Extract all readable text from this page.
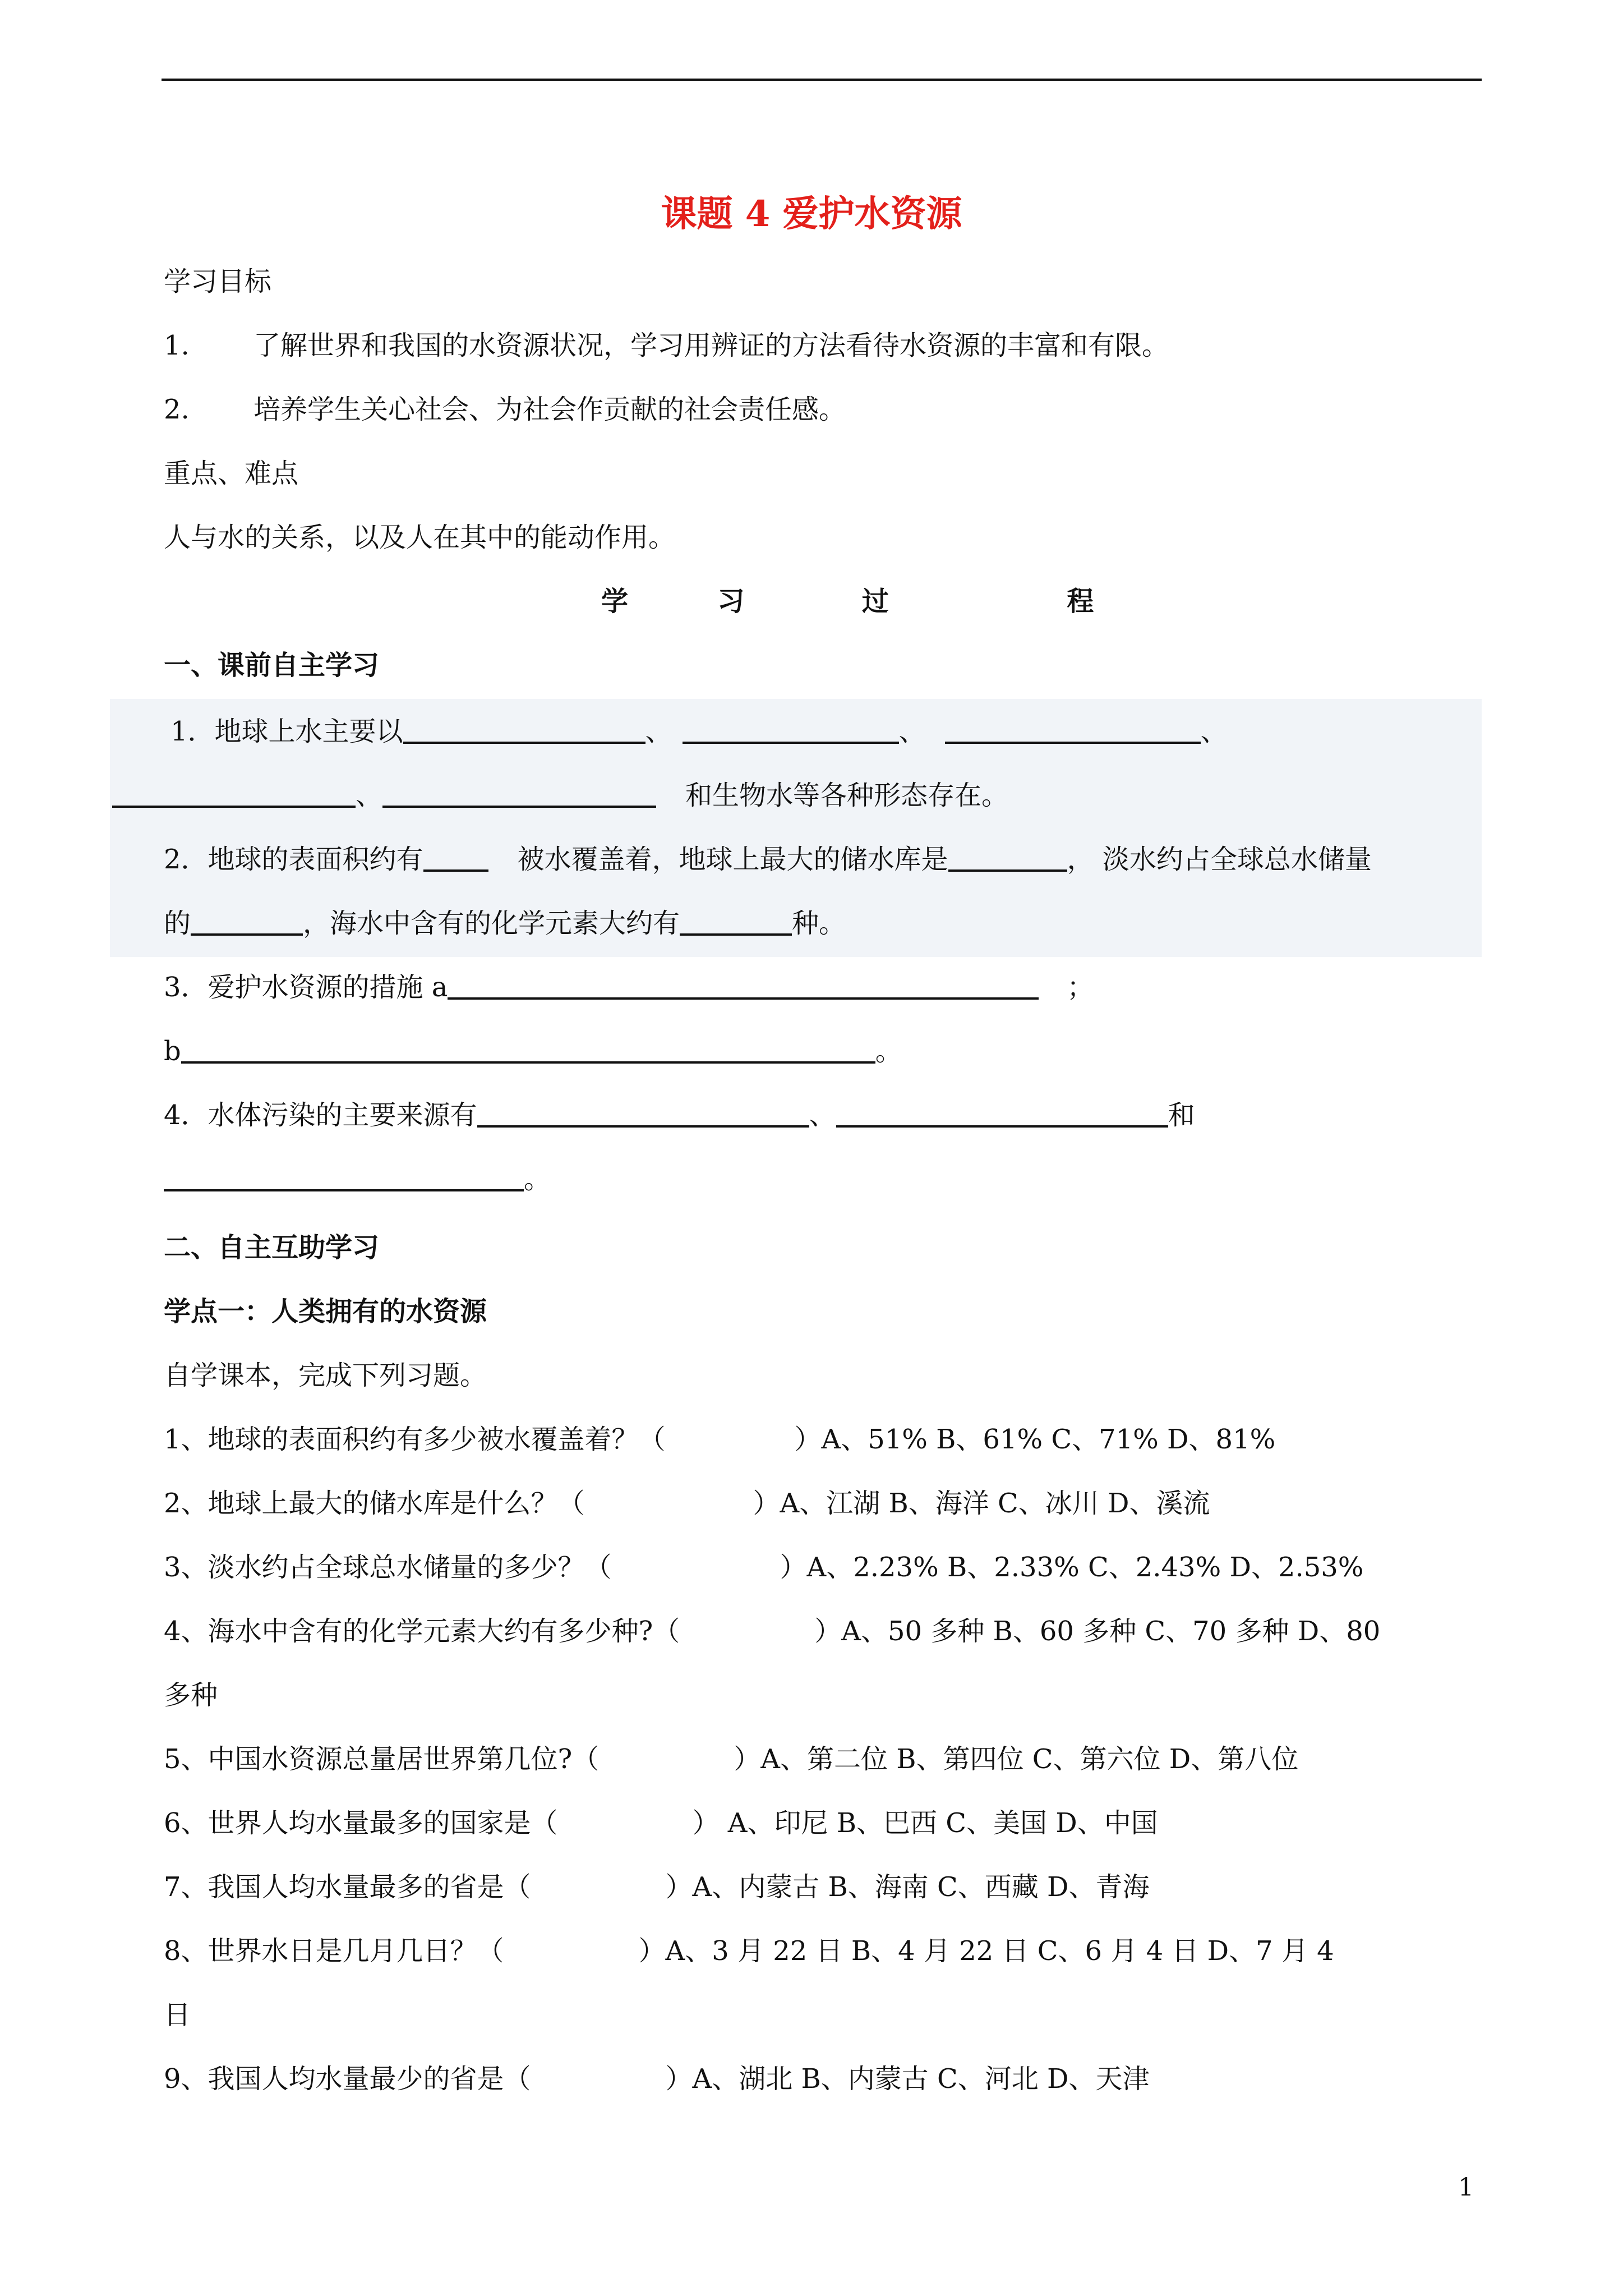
课题 4 爱护水资源
学习目标
1. 了解世界和我国的水资源状况，学习用辨证的方法看待水资源的丰富和有限。
2. 培养学生关心社会、为社会作贡献的社会责任感。
重点、难点
人与水的关系，以及人在其中的能动作用。
学	习	过	程
一、课前自主学习
1．地球上水主要以	、	、	、
、	和生物水等各种形态存在。
2．地球的表面积约有	被水覆盖着，地球上最大的储水库是	， 淡水约占全球总水储量
的	，海水中含有的化学元素大约有	种。
3．爱护水资源的措施 a	；
b	。
4．水体污染的主要来源有	、	和
。
二、自主互助学习
学点一：人类拥有的水资源
自学课本，完成下列习题。
1、地球的表面积约有多少被水覆盖着？（	）A、51% B、61% C、71% D、81%
2、地球上最大的储水库是什么？（	）A、江湖 B、海洋 C、冰川 D、溪流
3、淡水约占全球总水储量的多少？（	）A、2.23% B、2.33% C、2.43% D、2.53%
4、海水中含有的化学元素大约有多少种?（	）A、50 多种 B、60 多种 C、70 多种 D、80
多种
5、中国水资源总量居世界第几位?（	）A、第二位 B、第四位 C、第六位 D、第八位
6、世界人均水量最多的国家是（	） A、印尼 B、巴西 C、美国 D、中国
7、我国人均水量最多的省是（	）A、内蒙古 B、海南 C、西藏 D、青海
8、世界水日是几月几日？（	）A、3 月 22 日 B、4 月 22 日 C、6 月 4 日 D、7 月 4
日
9、我国人均水量最少的省是（	）A、湖北 B、内蒙古 C、河北 D、天津
1
